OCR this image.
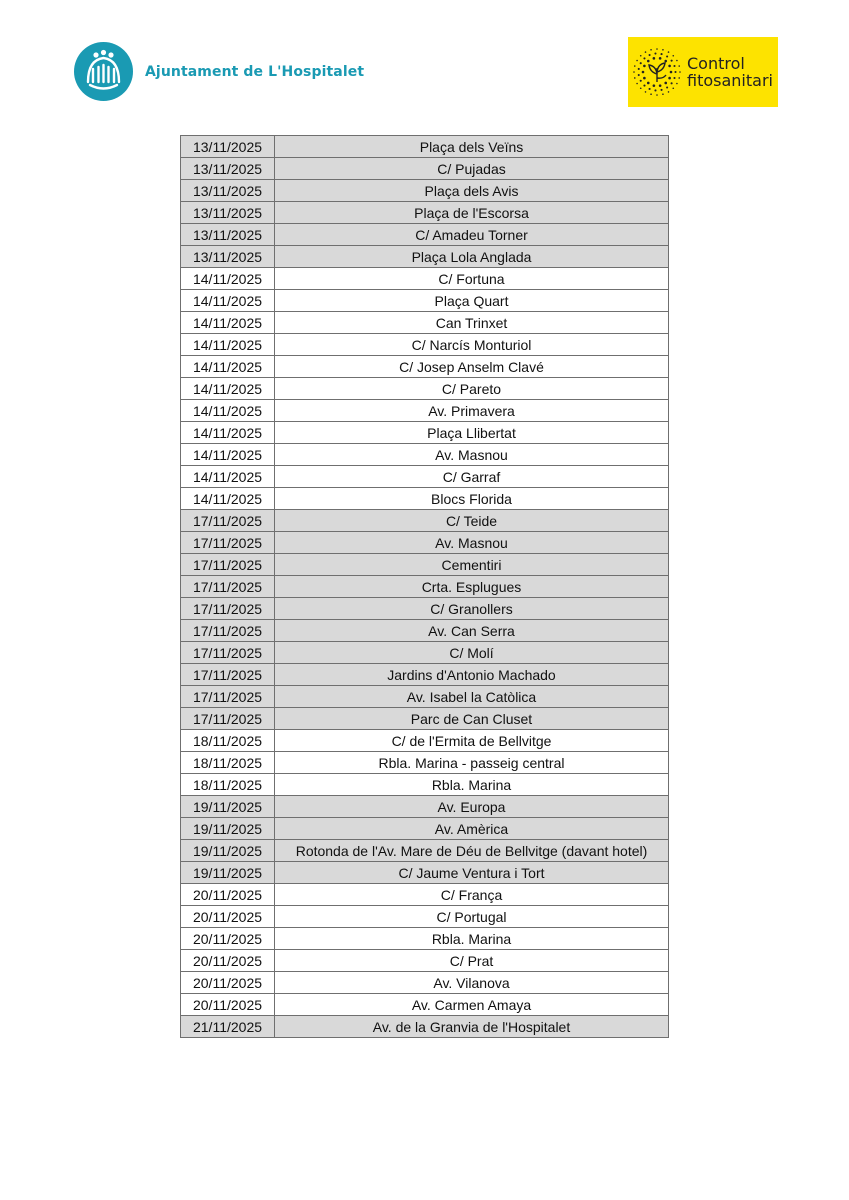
Ajuntament de L'Hospitalet	Control
fitosanitari
13/11/2025	Plaça dels Veïns
13/11/2025	C/ Pujadas
13/11/2025	Plaça dels Avis
13/11/2025	Plaça de l'Escorsa
13/11/2025	C/ Amadeu Torner
13/11/2025	Plaça Lola Anglada
14/11/2025	C/ Fortuna
14/11/2025	Plaça Quart
14/11/2025	Can Trinxet
14/11/2025	C/ Narcís Monturiol
14/11/2025	C/ Josep Anselm Clavé
14/11/2025	C/ Pareto
14/11/2025	Av. Primavera
14/11/2025	Plaça Llibertat
14/11/2025	Av. Masnou
14/11/2025	C/ Garraf
14/11/2025	Blocs Florida
17/11/2025	C/ Teide
17/11/2025	Av. Masnou
17/11/2025	Cementiri
17/11/2025	Crta. Esplugues
17/11/2025	C/ Granollers
17/11/2025	Av. Can Serra
17/11/2025	C/ Molí
17/11/2025	Jardins d'Antonio Machado
17/11/2025	Av. Isabel la Catòlica
17/11/2025	Parc de Can Cluset
18/11/2025	C/ de l'Ermita de Bellvitge
18/11/2025	Rbla. Marina - passeig central
18/11/2025	Rbla. Marina
19/11/2025	Av. Europa
19/11/2025	Av. Amèrica
19/11/2025	Rotonda de l'Av. Mare de Déu de Bellvitge (davant hotel)
19/11/2025	C/ Jaume Ventura i Tort
20/11/2025	C/ França
20/11/2025	C/ Portugal
20/11/2025	Rbla. Marina
20/11/2025	C/ Prat
20/11/2025	Av. Vilanova
20/11/2025	Av. Carmen Amaya
21/11/2025	Av. de la Granvia de l'Hospitalet
